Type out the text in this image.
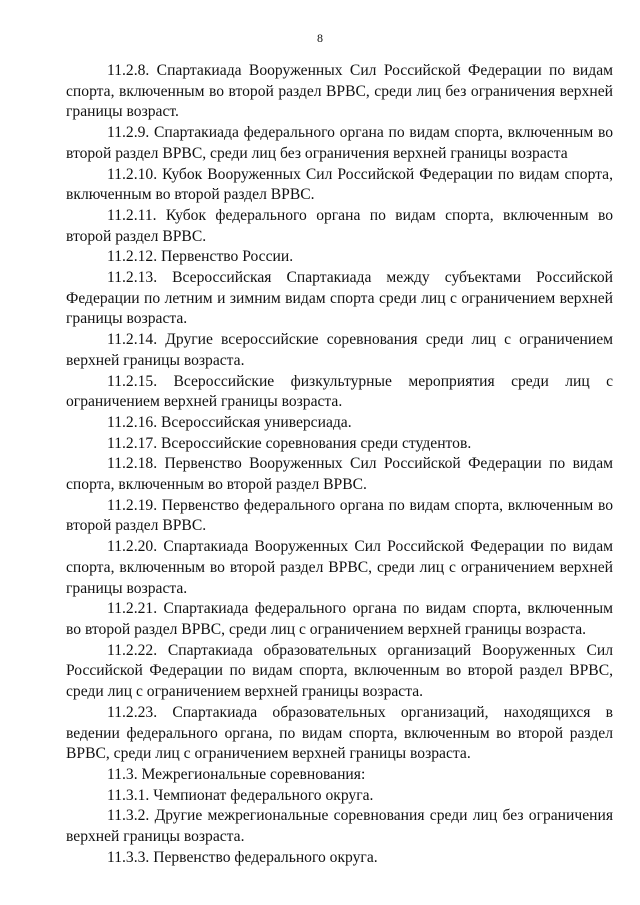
8

11.2.8. Спартакиада Вооруженных Сил Российской Федерации по видам спорта, включенным во второй раздел ВРВС, среди лиц без ограничения верхней границы возраст.

11.2.9. Спартакиада федерального органа по видам спорта, включенным во второй раздел ВРВС, среди лиц без ограничения верхней границы возраста

11.2.10. Кубок Вооруженных Сил Российской Федерации по видам спорта, включенным во второй раздел ВРВС.

11.2.11. Кубок федерального органа по видам спорта, включенным во второй раздел ВРВС.

11.2.12. Первенство России.

11.2.13. Всероссийская Спартакиада между субъектами Российской Федерации по летним и зимним видам спорта среди лиц с ограничением верхней границы возраста.

11.2.14. Другие всероссийские соревнования среди лиц с ограничением верхней границы возраста.

11.2.15. Всероссийские физкультурные мероприятия среди лиц с ограничением верхней границы возраста.

11.2.16. Всероссийская универсиада.

11.2.17. Всероссийские соревнования среди студентов.

11.2.18. Первенство Вооруженных Сил Российской Федерации по видам спорта, включенным во второй раздел ВРВС.

11.2.19. Первенство федерального органа по видам спорта, включенным во второй раздел ВРВС.

11.2.20. Спартакиада Вооруженных Сил Российской Федерации по видам спорта, включенным во второй раздел ВРВС, среди лиц с ограничением верхней границы возраста.

11.2.21. Спартакиада федерального органа по видам спорта, включенным во второй раздел ВРВС, среди лиц с ограничением верхней границы возраста.

11.2.22. Спартакиада образовательных организаций Вооруженных Сил Российской Федерации по видам спорта, включенным во второй раздел ВРВС, среди лиц с ограничением верхней границы возраста.

11.2.23. Спартакиада образовательных организаций, находящихся в ведении федерального органа, по видам спорта, включенным во второй раздел ВРВС, среди лиц с ограничением верхней границы возраста.

11.3. Межрегиональные соревнования:

11.3.1. Чемпионат федерального округа.

11.3.2. Другие межрегиональные соревнования среди лиц без ограничения верхней границы возраста.

11.3.3. Первенство федерального округа.
